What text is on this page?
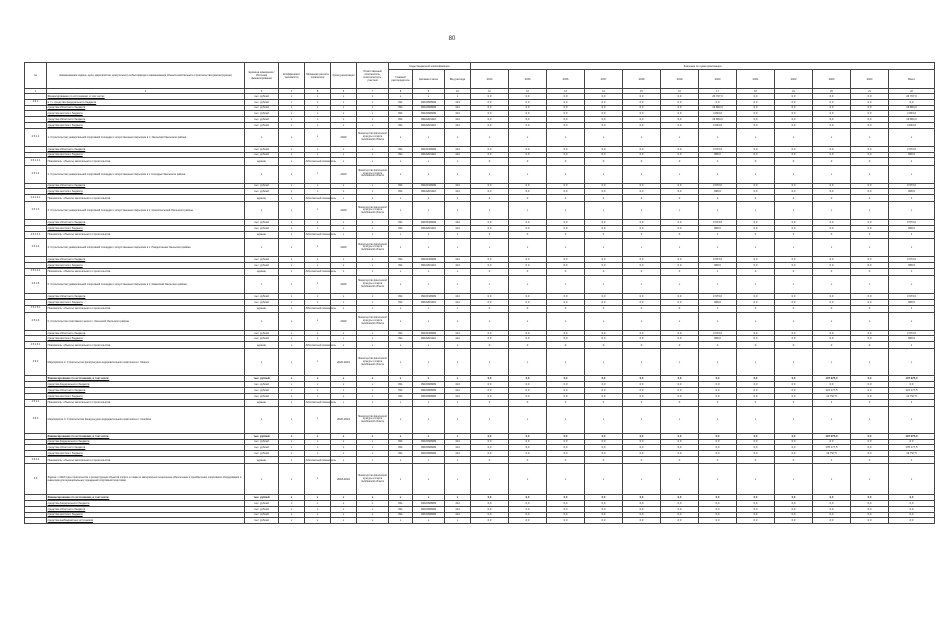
80
№	Наименование задачи, цели, мероприятия, контрольного события/вида и наименования объекта капитального строительства (реконструкции)	Единица измерения / Источник финансирования	Коэффициент значимости	Механизм расчета показателя	Сроки реализации	Ответственный исполнитель, соисполнитель, участник	Коды бюджетной классификации			Значения по годам реализации												
							Главный распорядитель	Целевая статья	Вид расхода	2014	2015	2016	2017	2018	2019	2020	2021	2022	2023	2024	Всего	
1	2	3	4	5	6	7	8	9	10	11	12	13	14	15	16	17	18	19	20	21	22	
	Финансирование по источникам, в том числе:	тыс. рублей	x	x	x	x	x	x	x	0,0	0,0	0,0	0,0	0,0	0,0	24 707,0	0,0	0,0	0,0	0,0	24 707,0	
4.5.1	в т.ч. средства федерального бюджета	тыс. рублей	x	x	x	x	811	0910099999	414	0,0	0,0	0,0	0,0	0,0	0,0	0,0	0,0	0,0	0,0	0,0	0,0	
	средства областного бюджета	тыс. рублей	x	x	x	x	811	0910099999	414	0,0	0,0	0,0	0,0	0,0	0,0	19 864,0	0,0	0,0	0,0	0,0	19 864,0	
	средства местного бюджета	тыс. рублей	x	x	x	x	811	0910099999	414	0,0	0,0	0,0	0,0	0,0	0,0	4 843,0	0,0	0,0	0,0	0,0	4 843,0	
	средства областного бюджета	тыс. рублей	x	x	x	x	811	09102R1110	414	0,0	0,0	0,0	0,0	0,0	0,0	19 864,0	0,0	0,0	0,0	0,0	19 864,0	
	средства местного бюджета	тыс. рублей	x	x	x	x	811	09102R1110	414	0,0	0,0	0,0	0,0	0,0	0,0	4 843,0	0,0	0,0	0,0	0,0	4 843,0	
4.5.1.1	1. Строительство универсальной спортивной площадки с искусственным покрытием в п. Увельский Увельского района	x	x	x	2020	Министерство физической культуры и спорта Челябинской области	x	x	x	x	x	x	x	x	x	x	x	x	x	x	x	
	средства областного бюджета	тыс. рублей	x	x	x	x	811	0910199999	414	0,0	0,0	0,0	0,0	0,0	0,0	3 973,0	0,0	0,0	0,0	0,0	3 973,0	
	средства местного бюджета	тыс. рублей	x	x	x	x	811	09102R1110	414	0,0	0,0	0,0	0,0	0,0	0,0	968,6	0,0	0,0	0,0	0,0	968,6	
4.5.1.1.1	Показатель: объекты капитального строительства	единиц	x	Абсолютный показатель	x	x	x	x	x	0	0	0	0	0	0	1	0	0	0	0	1	
4.5.1.2	2. Строительство универсальной спортивной площадки с искусственным покрытием в с. Кочердык Увельского района	x	x	x	2020	Министерство физической культуры и спорта Челябинской области	x	x	x	x	x	x	x	x	x	x	x	x	x	x	x	
	средства областного бюджета	тыс. рублей	x	x	x	x	811	0910199999	414	0,0	0,0	0,0	0,0	0,0	0,0	3 973,0	0,0	0,0	0,0	0,0	3 973,0	
	средства местного бюджета	тыс. рублей	x	x	x	x	811	09102R1110	414	0,0	0,0	0,0	0,0	0,0	0,0	968,6	0,0	0,0	0,0	0,0	968,6	
4.5.1.2.1	Показатель: объекты капитального строительства	единиц	x	Абсолютный показатель	x	x	x	x	x	0	0	0	0	0	0	1	0	0	0	0	1	
4.5.1.3	3. Строительство универсальной спортивной площадки с искусственным покрытием в п. Красносельский Увельского района	x	x	x	2020	Министерство физической культуры и спорта Челябинской области	x	x	x	x	x	x	x	x	x	x	x	x	x	x	x	
	средства областного бюджета	тыс. рублей	x	x	x	x	811	0910199999	414	0,0	0,0	0,0	0,0	0,0	0,0	3 973,0	0,0	0,0	0,0	0,0	3 973,0	
	средства местного бюджета	тыс. рублей	x	x	x	x	811	09102R1110	414	0,0	0,0	0,0	0,0	0,0	0,0	968,6	0,0	0,0	0,0	0,0	968,6	
4.5.1.3.1	Показатель: объекты капитального строительства	единиц	x	Абсолютный показатель	x	x	x	x	x	0	0	0	0	0	0	1	0	0	0	0	1	
4.5.1.4	4. Строительство универсальной спортивной площадки с искусственным покрытием в с. Рождественка Увельского района	x	x	x	2020	Министерство физической культуры и спорта Челябинской области	x	x	x	x	x	x	x	x	x	x	x	x	x	x	x	
	средства областного бюджета	тыс. рублей	x	x	x	x	811	0910199999	414	0,0	0,0	0,0	0,0	0,0	0,0	3 973,0	0,0	0,0	0,0	0,0	3 973,0	
	средства местного бюджета	тыс. рублей	x	x	x	x	811	09102R1110	414	0,0	0,0	0,0	0,0	0,0	0,0	968,6	0,0	0,0	0,0	0,0	968,6	
4.5.1.4.1	Показатель: объекты капитального строительства	единиц	x	Абсолютный показатель	x	x	x	x	x	0	0	0	0	0	0	1	0	0	0	0	1	
4.5.1.5	5. Строительство универсальной спортивной площадки с искусственным покрытием в п. Каменский Увельского района	x	x	x	2020	Министерство физической культуры и спорта Челябинской области	x	x	x	x	x	x	x	x	x	x	x	x	x	x	x	
	средства областного бюджета	тыс. рублей	x	x	x	x	811	0910199999	414	0,0	0,0	0,0	0,0	0,0	0,0	3 973,0	0,0	0,0	0,0	0,0	3 973,0	
	средства местного бюджета	тыс. рублей	x	x	x	x	811	09102R1110	414	0,0	0,0	0,0	0,0	0,0	0,0	968,6	0,0	0,0	0,0	0,0	968,6	
4.5.1.5.1	Показатель: объекты капитального строительства	единиц	x	Абсолютный показатель	x	x	x	x	x	0	0	0	0	0	0	1	0	0	0	0	1	
4.5.1.6	6. Строительство спортивного зала в п. Увельский Увельского района	x	x	x	2020	Министерство физической культуры и спорта Челябинской области	x	x	x	x	x	x	x	x	x	x	x	x	x	x	x	
	средства областного бюджета	тыс. рублей	x	x	x	x	811	0910199999	414	0,0	0,0	0,0	0,0	0,0	0,0	3 973,0	0,0	0,0	0,0	0,0	3 973,0	
	средства местного бюджета	тыс. рублей	x	x	x	x	811	09102R1110	414	0,0	0,0	0,0	0,0	0,0	0,0	968,6	0,0	0,0	0,0	0,0	968,6	
4.5.1.6.1	Показатель: объекты капитального строительства	единиц	x	Абсолютный показатель	x	x	x	x	x	0	0	0	0	0	0	1	0	0	0	0	1	
4.5.2	Мероприятие 2. Строительство физкультурно-оздоровительного комплекса в г. Миассе	x	x	x	2020-2024	Министерство физической культуры и спорта Челябинской области	x	x	x	x	x	x	x	x	x	x	x	x	x	x	x	
	Финансирование по источникам, в том числе:	тыс. рублей	x	x	x	x	x	x	x	0,0	0,0	0,0	0,0	0,0	0,0	0,0	0,0	0,0	137 975,0	0,0	137 975,0	
	средства федерального бюджета	тыс. рублей	x	x	x	x	811	0910099999	414	0,0	0,0	0,0	0,0	0,0	0,0	0,0	0,0	0,0	0,0	0,0	0,0	
	средства областного бюджета	тыс. рублей	x	x	x	x	811	0910099999	414	0,0	0,0	0,0	0,0	0,0	0,0	0,0	0,0	0,0	124 177,5	0,0	124 177,5	
	средства местного бюджета	тыс. рублей	x	x	x	x	811	0910099999	414	0,0	0,0	0,0	0,0	0,0	0,0	0,0	0,0	0,0	13 797,5	0,0	13 797,5	
4.5.2.1	Показатель: объекты капитального строительства	единиц	x	Абсолютный показатель	x	x	x	x	x	0	0	0	0	0	0	0	0	0	1	0	1	
4.5.3	Мероприятие 3. Строительство физкультурно-оздоровительного комплекса в г. Копейске	x	x	x	2020-2024	Министерство физической культуры и спорта Челябинской области	x	x	x	x	x	x	x	x	x	x	x	x	x	x	x	
	Финансирование по источникам, в том числе:	тыс. рублей	x	x	x	x	x	x	x	0,0	0,0	0,0	0,0	0,0	0,0	0,0	0,0	0,0	197 975,0	0,0	197 975,0	
	средства федерального бюджета	тыс. рублей	x	x	x	x	811	0910099999	414	0,0	0,0	0,0	0,0	0,0	0,0	0,0	0,0	0,0	0,0	0,0	0,0	
	средства областного бюджета	тыс. рублей	x	x	x	x	811	0910099999	414	0,0	0,0	0,0	0,0	0,0	0,0	0,0	0,0	0,0	178 177,5	0,0	178 177,5	
	средства местного бюджета	тыс. рублей	x	x	x	x	811	0910099999	414	0,0	0,0	0,0	0,0	0,0	0,0	0,0	0,0	0,0	19 797,5	0,0	19 797,5	
4.5.3.1	Показатель: объекты капитального строительства	единиц	x	Абсолютный показатель	x	x	x	x	x	0	0	0	0	0	0	0	0	0	1	0	1	
4.6	Задача: с 2018 года строительство и реконструкция объектов спорта, а также их материально-техническое обеспечение и приобретение спортивного оборудования и инвентаря для муниципальных учреждений спортивной подготовки	x	x	x	2018-2024	Министерство физической культуры и спорта Челябинской области	x	x	x	x	x	x	x	x	x	x	x	x	x	x	x	
	Финансирование по источникам, в том числе:	тыс. рублей	x	x	x	x	x	x	x	0,0	0,0	0,0	0,0	0,0	0,0	0,0	0,0	0,0	0,0	0,0	0,0	
	средства федерального бюджета	тыс. рублей	x	x	x	x	811	0910099999	414	0,0	0,0	0,0	0,0	0,0	0,0	0,0	0,0	0,0	0,0	0,0	0,0	
	средства областного бюджета	тыс. рублей	x	x	x	x	811	0910099999	414	0,0	0,0	0,0	0,0	0,0	0,0	0,0	0,0	0,0	0,0	0,0	0,0	
	средства местного бюджета	тыс. рублей	x	x	x	x	811	0910099999	414	0,0	0,0	0,0	0,0	0,0	0,0	0,0	0,0	0,0	0,0	0,0	0,0	
	средства внебюджетных источников	тыс. рублей	x	x	x	x	x	x	x	0,0	0,0	0,0	0,0	0,0	0,0	0,0	0,0	0,0	0,0	0,0	0,0	
